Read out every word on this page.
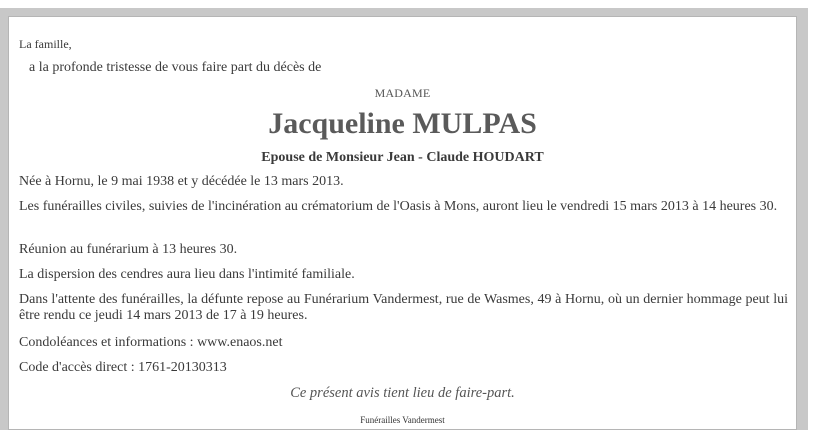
La famille,

a la profonde tristesse de vous faire part du décès de

MADAME

Jacqueline MULPAS

Epouse de Monsieur Jean - Claude HOUDART

Née à Hornu, le 9 mai 1938 et y décédée le 13 mars 2013.

Les funérailles civiles, suivies de l'incinération au crématorium de l'Oasis à Mons, auront lieu le vendredi 15 mars 2013 à 14 heures 30.

Réunion au funérarium à 13 heures 30.

La dispersion des cendres aura lieu dans l'intimité familiale.

Dans l'attente des funérailles, la défunte repose au Funérarium Vandermest, rue de Wasmes, 49 à Hornu, où un dernier hommage peut lui être rendu ce jeudi 14 mars 2013 de 17 à 19 heures.

Condoléances et informations : www.enaos.net

Code d'accès direct : 1761-20130313

Ce présent avis tient lieu de faire-part.

Funérailles Vandermest
